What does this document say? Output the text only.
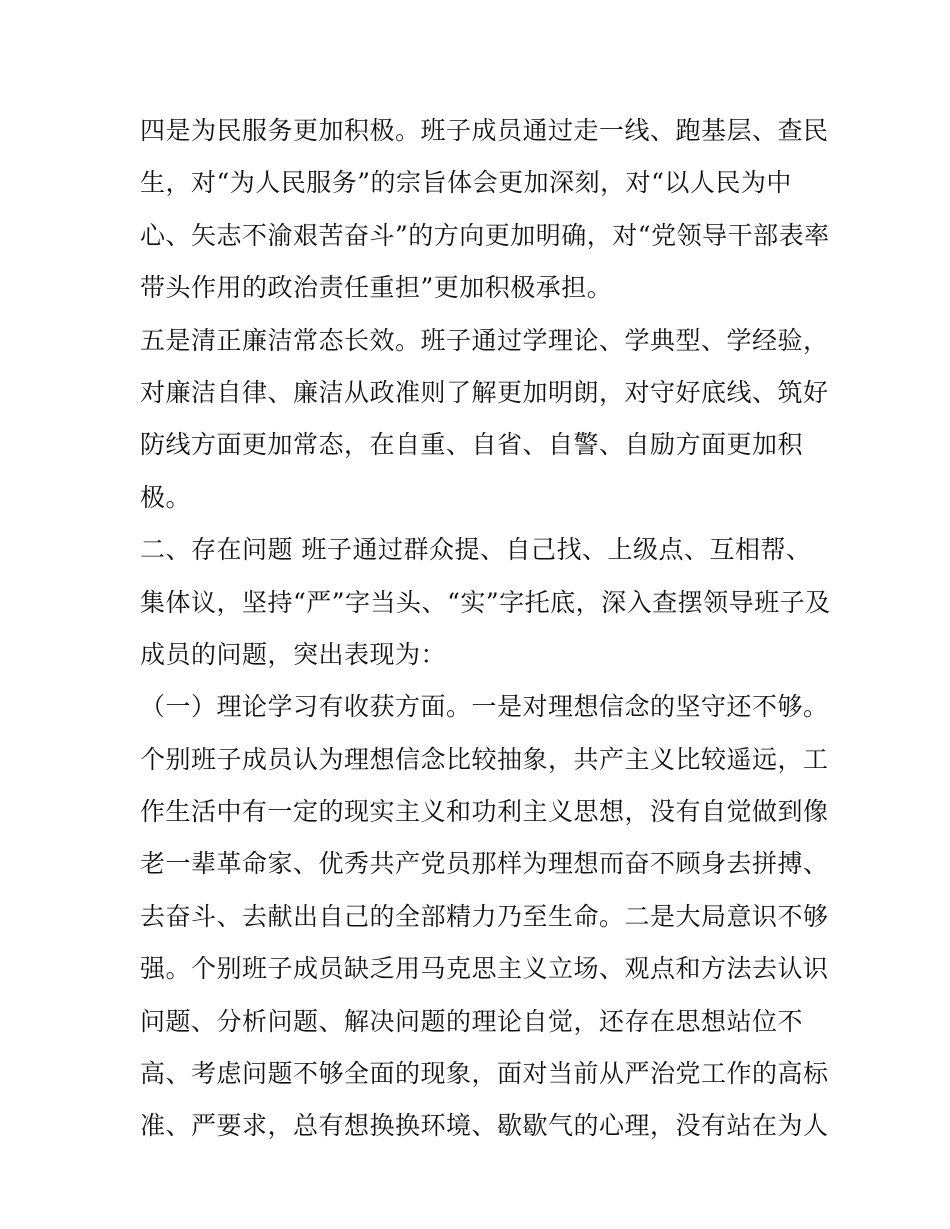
四是为民服务更加积极。班子成员通过走一线、跑基层、查民
生，对“为人民服务”的宗旨体会更加深刻，对“以人民为中
心、矢志不渝艰苦奋斗”的方向更加明确，对“党领导干部表率
带头作用的政治责任重担”更加积极承担。
五是清正廉洁常态长效。班子通过学理论、学典型、学经验，
对廉洁自律、廉洁从政准则了解更加明朗，对守好底线、筑好
防线方面更加常态，在自重、自省、自警、自励方面更加积
极。
二、存在问题 班子通过群众提、自己找、上级点、互相帮、
集体议，坚持“严”字当头、“实”字托底，深入查摆领导班子及
成员的问题，突出表现为：
（一）理论学习有收获方面。一是对理想信念的坚守还不够。
个别班子成员认为理想信念比较抽象，共产主义比较遥远，工
作生活中有一定的现实主义和功利主义思想，没有自觉做到像
老一辈革命家、优秀共产党员那样为理想而奋不顾身去拼搏、
去奋斗、去献出自己的全部精力乃至生命。二是大局意识不够
强。个别班子成员缺乏用马克思主义立场、观点和方法去认识
问题、分析问题、解决问题的理论自觉，还存在思想站位不
高、考虑问题不够全面的现象，面对当前从严治党工作的高标
准、严要求，总有想换换环境、歇歇气的心理，没有站在为人
